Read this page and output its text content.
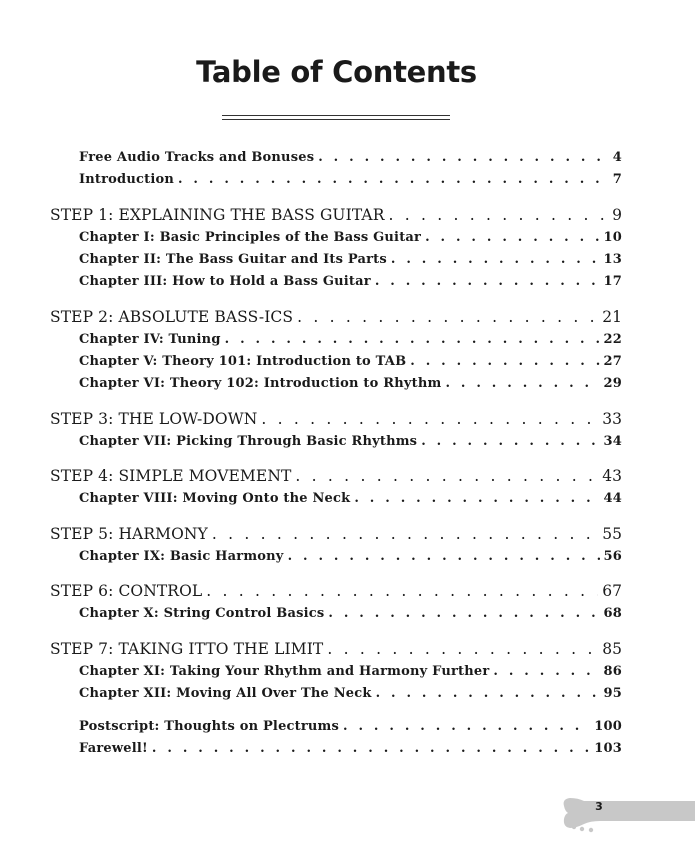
Table of Contents
Free Audio Tracks and Bonuses . . .	4
Introduction . . .	7
STEP 1: EXPLAINING THE BASS GUITAR . . .	9
Chapter I: Basic Principles of the Bass Guitar . . .	10
Chapter II: The Bass Guitar and Its Parts . . .	13
Chapter III: How to Hold a Bass Guitar . . .	17
STEP 2: ABSOLUTE BASS-ICS . . .	21
Chapter IV: Tuning . . .	22
Chapter V: Theory 101: Introduction to TAB . . .	27
Chapter VI: Theory 102: Introduction to Rhythm . . .	29
STEP 3: THE LOW-DOWN . . .	33
Chapter VII: Picking Through Basic Rhythms . . .	34
STEP 4: SIMPLE MOVEMENT . . .	43
Chapter VIII: Moving Onto the Neck . . .	44
STEP 5: HARMONY . . .	55
Chapter IX: Basic Harmony . . .	56
STEP 6: CONTROL . . .	67
Chapter X: String Control Basics . . .	68
STEP 7: TAKING ITTO THE LIMIT . . .	85
Chapter XI: Taking Your Rhythm and Harmony Further . . .	86
Chapter XII: Moving All Over The Neck . . .	95
Postscript: Thoughts on Plectrums . . .	100
Farewell! . . .	103
3
